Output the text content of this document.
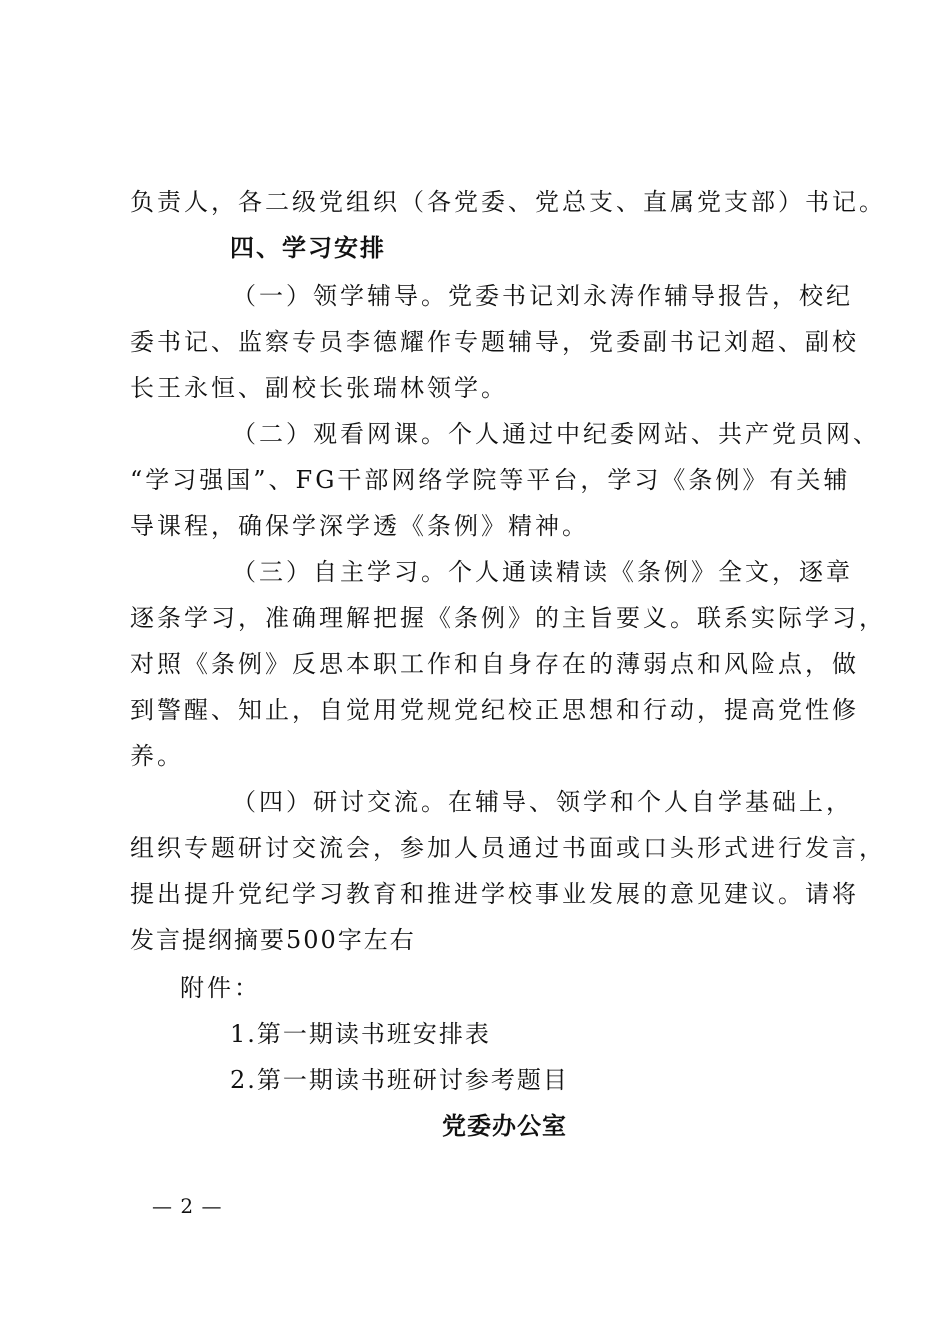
负责人，各二级党组织（各党委、党总支、直属党支部）书记。
四、学习安排
（一）领学辅导。党委书记刘永涛作辅导报告，校纪
委书记、监察专员李德耀作专题辅导，党委副书记刘超、副校
长王永恒、副校长张瑞林领学。
（二）观看网课。个人通过中纪委网站、共产党员网、
“学习强国”、FG干部网络学院等平台，学习《条例》有关辅
导课程，确保学深学透《条例》精神。
（三）自主学习。个人通读精读《条例》全文，逐章
逐条学习，准确理解把握《条例》的主旨要义。联系实际学习，
对照《条例》反思本职工作和自身存在的薄弱点和风险点，做
到警醒、知止，自觉用党规党纪校正思想和行动，提高党性修
养。
（四）研讨交流。在辅导、领学和个人自学基础上，
组织专题研讨交流会，参加人员通过书面或口头形式进行发言，
提出提升党纪学习教育和推进学校事业发展的意见建议。请将
发言提纲摘要500字左右
附件：
1.第一期读书班安排表
2.第一期读书班研讨参考题目
党委办公室
— 2 —
